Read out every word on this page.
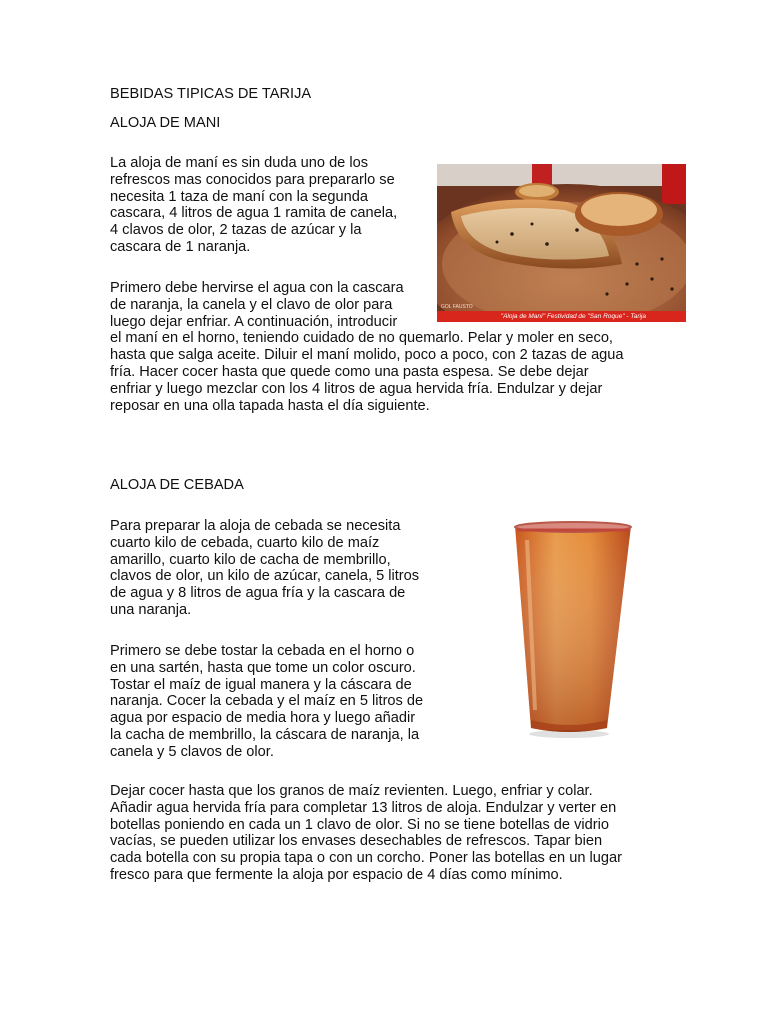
BEBIDAS TIPICAS DE TARIJA

ALOJA DE MANI

La aloja de maní es sin duda uno de los
refrescos mas conocidos para prepararlo se
necesita 1 taza de maní con la segunda
cascara, 4 litros de agua 1 ramita de canela,
4 clavos de olor, 2 tazas de azúcar y la
cascara de 1 naranja.

Primero debe hervirse el agua con la cascara
de naranja, la canela y el clavo de olor para
luego dejar enfriar. A continuación, introducir
el maní en el horno, teniendo cuidado de no quemarlo. Pelar y moler en seco,
hasta que salga aceite. Diluir el maní molido, poco a poco, con 2 tazas de agua
fría. Hacer cocer hasta que quede como una pasta espesa. Se debe dejar
enfriar y luego mezclar con los 4 litros de agua hervida fría. Endulzar y dejar
reposar en una olla tapada hasta el día siguiente.

GOL FAUSTO
"Aloja de Maní" Festividad de "San Roque" - Tarija

ALOJA DE CEBADA

Para preparar la aloja de cebada se necesita
cuarto kilo de cebada, cuarto kilo de maíz
amarillo, cuarto kilo de cacha de membrillo,
clavos de olor, un kilo de azúcar, canela, 5 litros
de agua y 8 litros de agua fría y la cascara de
una naranja.

Primero se debe tostar la cebada en el horno o
en una sartén, hasta que tome un color oscuro.
Tostar el maíz de igual manera y la cáscara de
naranja. Cocer la cebada y el maíz en 5 litros de
agua por espacio de media hora y luego añadir
la cacha de membrillo, la cáscara de naranja, la
canela y 5 clavos de olor.

Dejar cocer hasta que los granos de maíz revienten. Luego, enfriar y colar.
Añadir agua hervida fría para completar 13 litros de aloja. Endulzar y verter en
botellas poniendo en cada un 1 clavo de olor. Si no se tiene botellas de vidrio
vacías, se pueden utilizar los envases desechables de refrescos. Tapar bien
cada botella con su propia tapa o con un corcho. Poner las botellas en un lugar
fresco para que fermente la aloja por espacio de 4 días como mínimo.
